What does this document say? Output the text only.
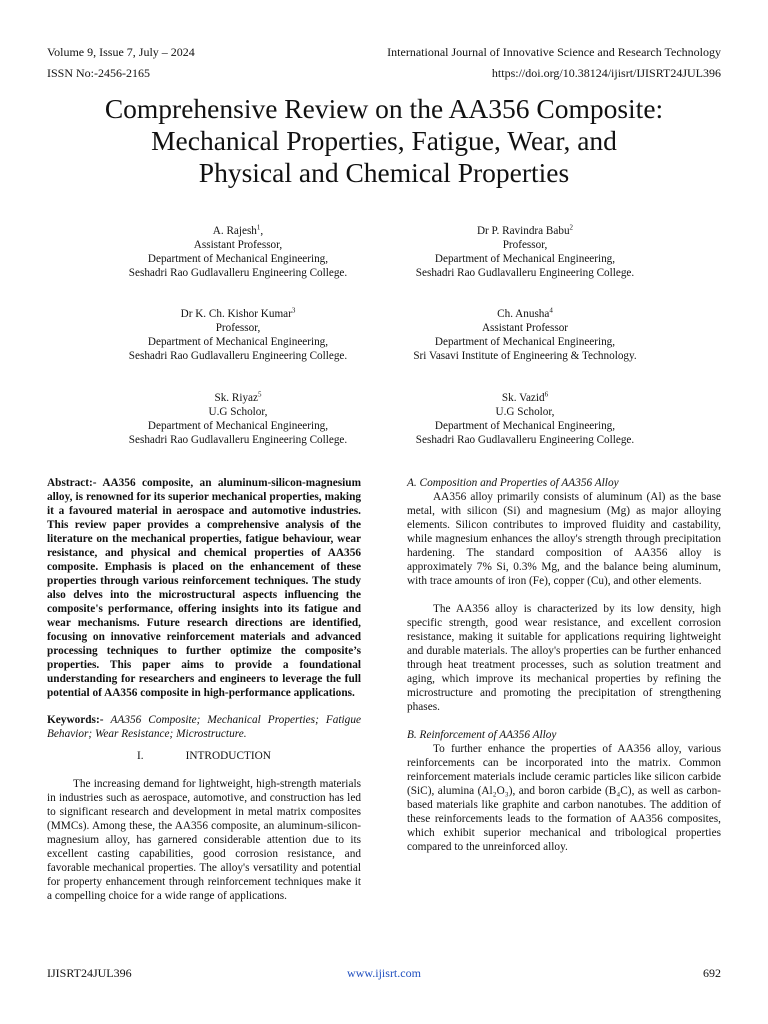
Volume 9, Issue 7, July – 2024	International Journal of Innovative Science and Research Technology
ISSN No:-2456-2165	https://doi.org/10.38124/ijisrt/IJISRT24JUL396
Comprehensive Review on the AA356 Composite:
Mechanical Properties, Fatigue, Wear, and
Physical and Chemical Properties
A. Rajesh$^1$,
Assistant Professor,
Department of Mechanical Engineering,
Seshadri Rao Gudlavalleru Engineering College.
Dr P. Ravindra Babu$^2$
Professor,
Department of Mechanical Engineering,
Seshadri Rao Gudlavalleru Engineering College.
Dr K. Ch. Kishor Kumar$^3$
Professor,
Department of Mechanical Engineering,
Seshadri Rao Gudlavalleru Engineering College.
Ch. Anusha$^4$
Assistant Professor
Department of Mechanical Engineering,
Sri Vasavi Institute of Engineering & Technology.
Sk. Riyaz$^5$
U.G Scholor,
Department of Mechanical Engineering,
Seshadri Rao Gudlavalleru Engineering College.
Sk. Vazid$^6$
U.G Scholor,
Department of Mechanical Engineering,
Seshadri Rao Gudlavalleru Engineering College.

Abstract:- AA356 composite, an aluminum-silicon-magnesium alloy, is renowned for its superior mechanical properties, making it a favoured material in aerospace and automotive industries. This review paper provides a comprehensive analysis of the literature on the mechanical properties, fatigue behaviour, wear resistance, and physical and chemical properties of AA356 composite. Emphasis is placed on the enhancement of these properties through various reinforcement techniques. The study also delves into the microstructural aspects influencing the composite's performance, offering insights into its fatigue and wear mechanisms. Future research directions are identified, focusing on innovative reinforcement materials and advanced processing techniques to further optimize the composite’s properties. This paper aims to provide a foundational understanding for researchers and engineers to leverage the full potential of AA356 composite in high-performance applications.

Keywords:- AA356 Composite; Mechanical Properties; Fatigue Behavior; Wear Resistance; Microstructure.

I.	INTRODUCTION

The increasing demand for lightweight, high-strength materials in industries such as aerospace, automotive, and construction has led to significant research and development in metal matrix composites (MMCs). Among these, the AA356 composite, an aluminum-silicon-magnesium alloy, has garnered considerable attention due to its excellent casting capabilities, good corrosion resistance, and favorable mechanical properties. The alloy's versatility and potential for property enhancement through reinforcement techniques make it a compelling choice for a wide range of applications.

A. Composition and Properties of AA356 Alloy

AA356 alloy primarily consists of aluminum (Al) as the base metal, with silicon (Si) and magnesium (Mg) as major alloying elements. Silicon contributes to improved fluidity and castability, while magnesium enhances the alloy's strength through precipitation hardening. The standard composition of AA356 alloy is approximately 7% Si, 0.3% Mg, and the balance being aluminum, with trace amounts of iron (Fe), copper (Cu), and other elements.

The AA356 alloy is characterized by its low density, high specific strength, good wear resistance, and excellent corrosion resistance, making it suitable for applications requiring lightweight and durable materials. The alloy's properties can be further enhanced through heat treatment processes, such as solution treatment and aging, which improve its mechanical properties by refining the microstructure and promoting the precipitation of strengthening phases.

B. Reinforcement of AA356 Alloy

To further enhance the properties of AA356 alloy, various reinforcements can be incorporated into the matrix. Common reinforcement materials include ceramic particles like silicon carbide (SiC), alumina (Al₂O₃), and boron carbide (B₄C), as well as carbon-based materials like graphite and carbon nanotubes. The addition of these reinforcements leads to the formation of AA356 composites, which exhibit superior mechanical and tribological properties compared to the unreinforced alloy.

IJISRT24JUL396	www.ijisrt.com	692
